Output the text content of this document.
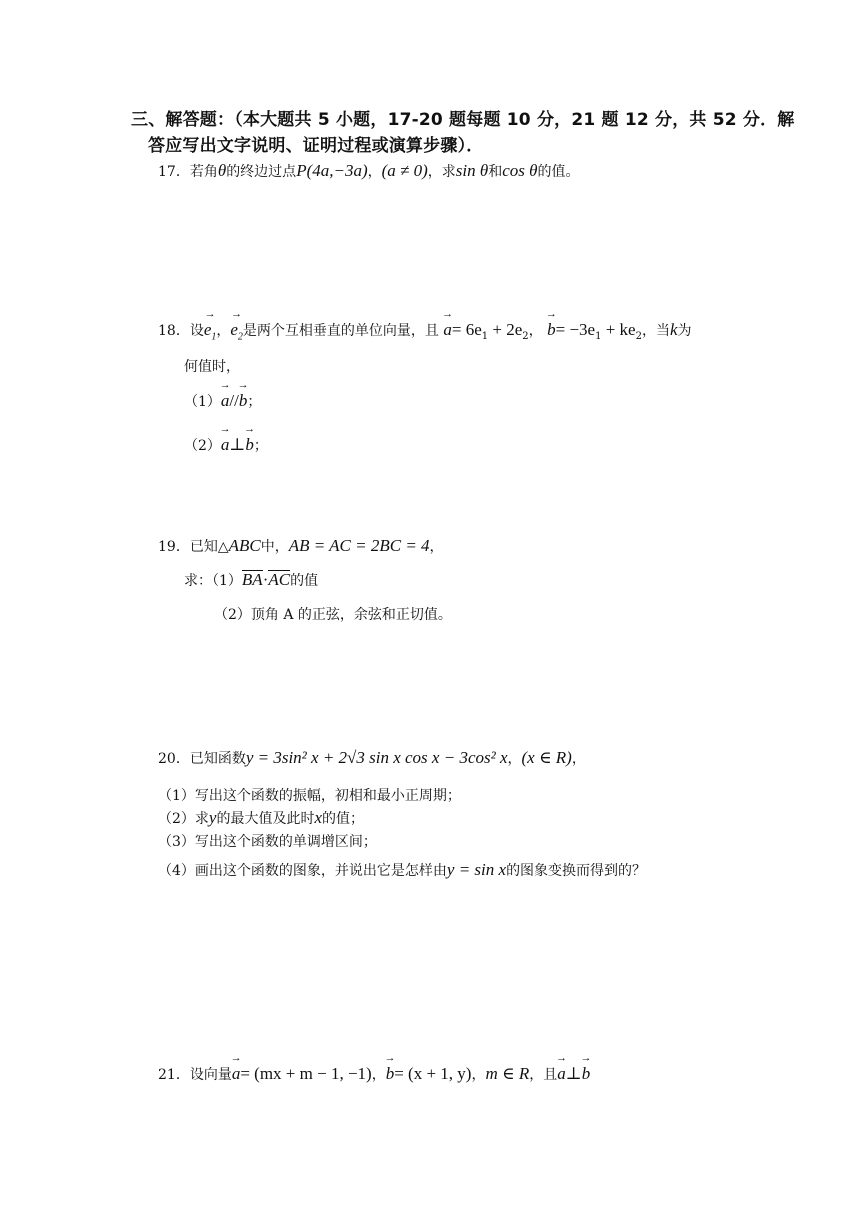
三、解答题：（本大题共 5 小题，17-20 题每题 10 分，21 题 12 分，共 52 分．解
答应写出文字说明、证明过程或演算步骤）．
17．若角θ的终边过点P(4a,−3a)，(a ≠ 0)，求sin θ和cos θ的值。
18．设→ $e_1$，→ $e_2$是两个互相垂直的单位向量，且 → $a= 6e_1 + 2e_2$， → $b= -3e_1 + ke_2$，当k为
何值时，
（1）→ a//→ b；
（2）→ a⊥→ b；
19．已知△ABC中，AB = AC = 2BC = 4，
求：（1）BA·AC的值
（2）顶角 A 的正弦，余弦和正切值。
20．已知函数y = 3sin² x + 2√3 sin x cos x − 3cos² x，(x ∈ R)，
（1）写出这个函数的振幅，初相和最小正周期；
（2）求y的最大值及此时x的值；
（3）写出这个函数的单调增区间；
（4）画出这个函数的图象，并说出它是怎样由y = sin x的图象变换而得到的？
21．设向量→ a= (mx + m − 1, −1)，→ b= (x + 1, y)，m ∈ R，且→ a⊥→ b
